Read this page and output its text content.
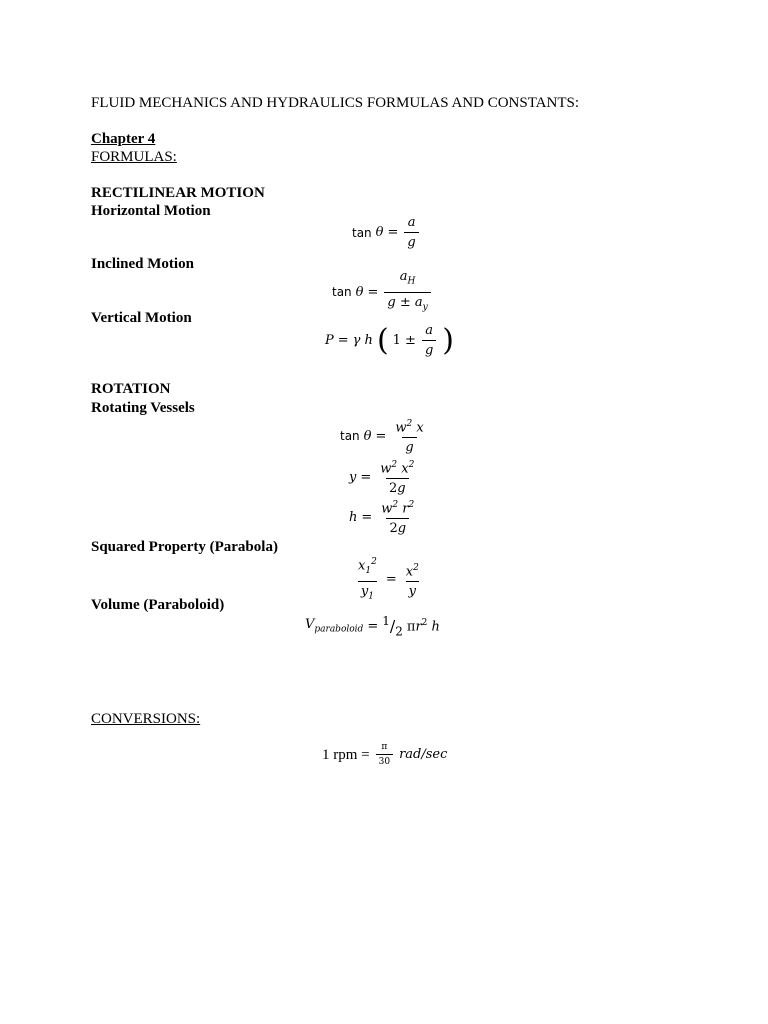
FLUID MECHANICS AND HYDRAULICS FORMULAS AND CONSTANTS:
Chapter 4
FORMULAS:
RECTILINEAR MOTION
Horizontal Motion
$\tan \theta = \frac{a}{g}$
Inclined Motion
$\tan \theta = \frac{a_H}{g \pm a_y}$
Vertical Motion
P = γ h ( $1 \pm \frac{a}{g}$ )
ROTATION
Rotating Vessels
$\tan \theta = \frac{w^2 x}{g}$
$y = \frac{w^2 x^2}{2g}$
$h = \frac{w^2 r^2}{2g}$
Squared Property (Parabola)
$\frac{x_1^2}{y_1} = \frac{x^2}{y}$
Volume (Paraboloid)
$V_{paraboloid} = ^1/_2$ $\pi r^2$ h
CONVERSIONS:
1 rpm = $\frac{\pi}{30} rad/\sec$
